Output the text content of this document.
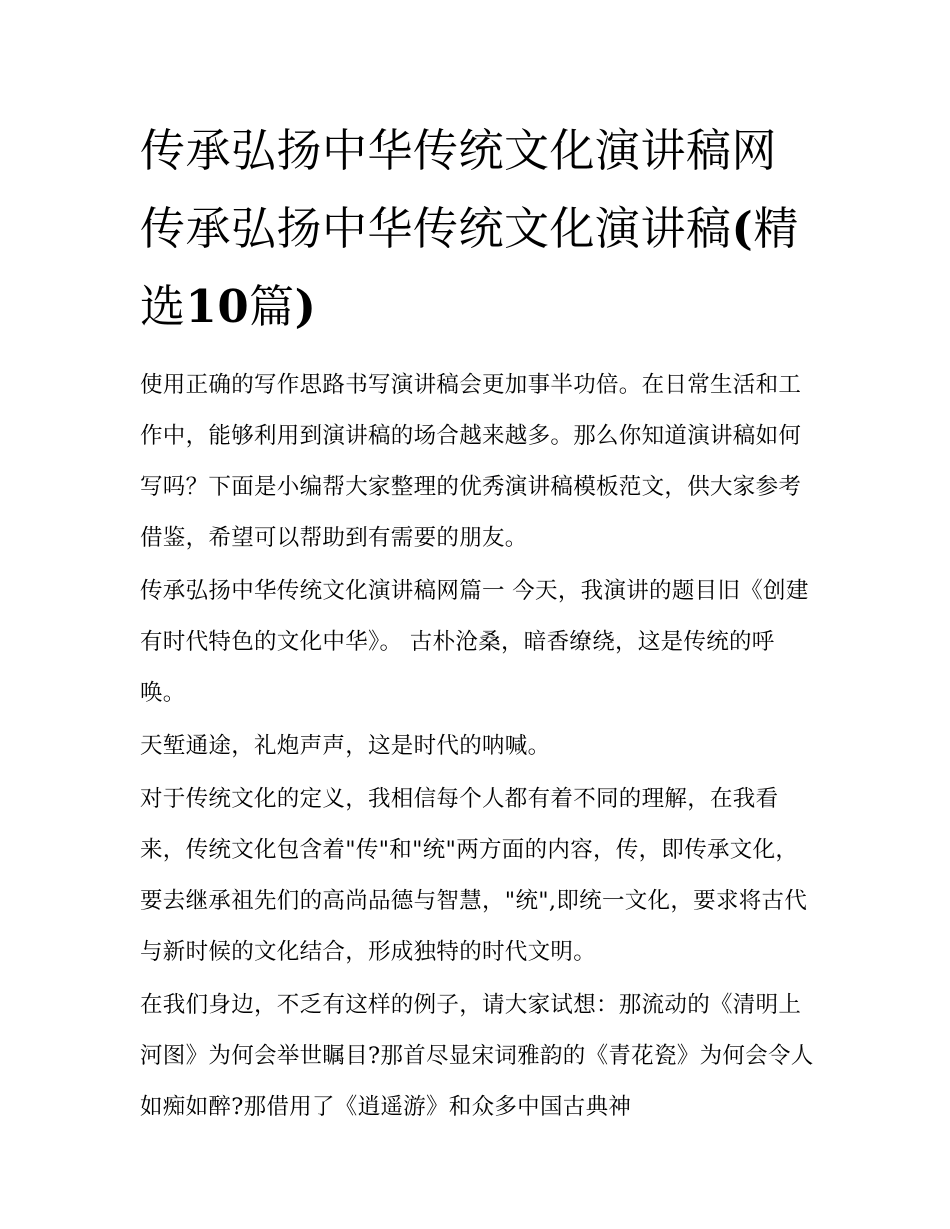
传承弘扬中华传统文化演讲稿网 传承弘扬中华传统文化演讲稿(精选10篇)

使用正确的写作思路书写演讲稿会更加事半功倍。在日常生活和工作中，能够利用到演讲稿的场合越来越多。那么你知道演讲稿如何写吗？下面是小编帮大家整理的优秀演讲稿模板范文，供大家参考借鉴，希望可以帮助到有需要的朋友。

传承弘扬中华传统文化演讲稿网篇一 今天，我演讲的题目旧《创建有时代特色的文化中华》。 古朴沧桑，暗香缭绕，这是传统的呼唤。

天堑通途，礼炮声声，这是时代的呐喊。

对于传统文化的定义，我相信每个人都有着不同的理解，在我看来，传统文化包含着"传"和"统"两方面的内容，传，即传承文化，要去继承祖先们的高尚品德与智慧，"统",即统一文化，要求将古代与新时候的文化结合，形成独特的时代文明。

在我们身边，不乏有这样的例子，请大家试想：那流动的《清明上河图》为何会举世瞩目?那首尽显宋词雅韵的《青花瓷》为何会令人如痴如醉?那借用了《逍遥游》和众多中国古典神
